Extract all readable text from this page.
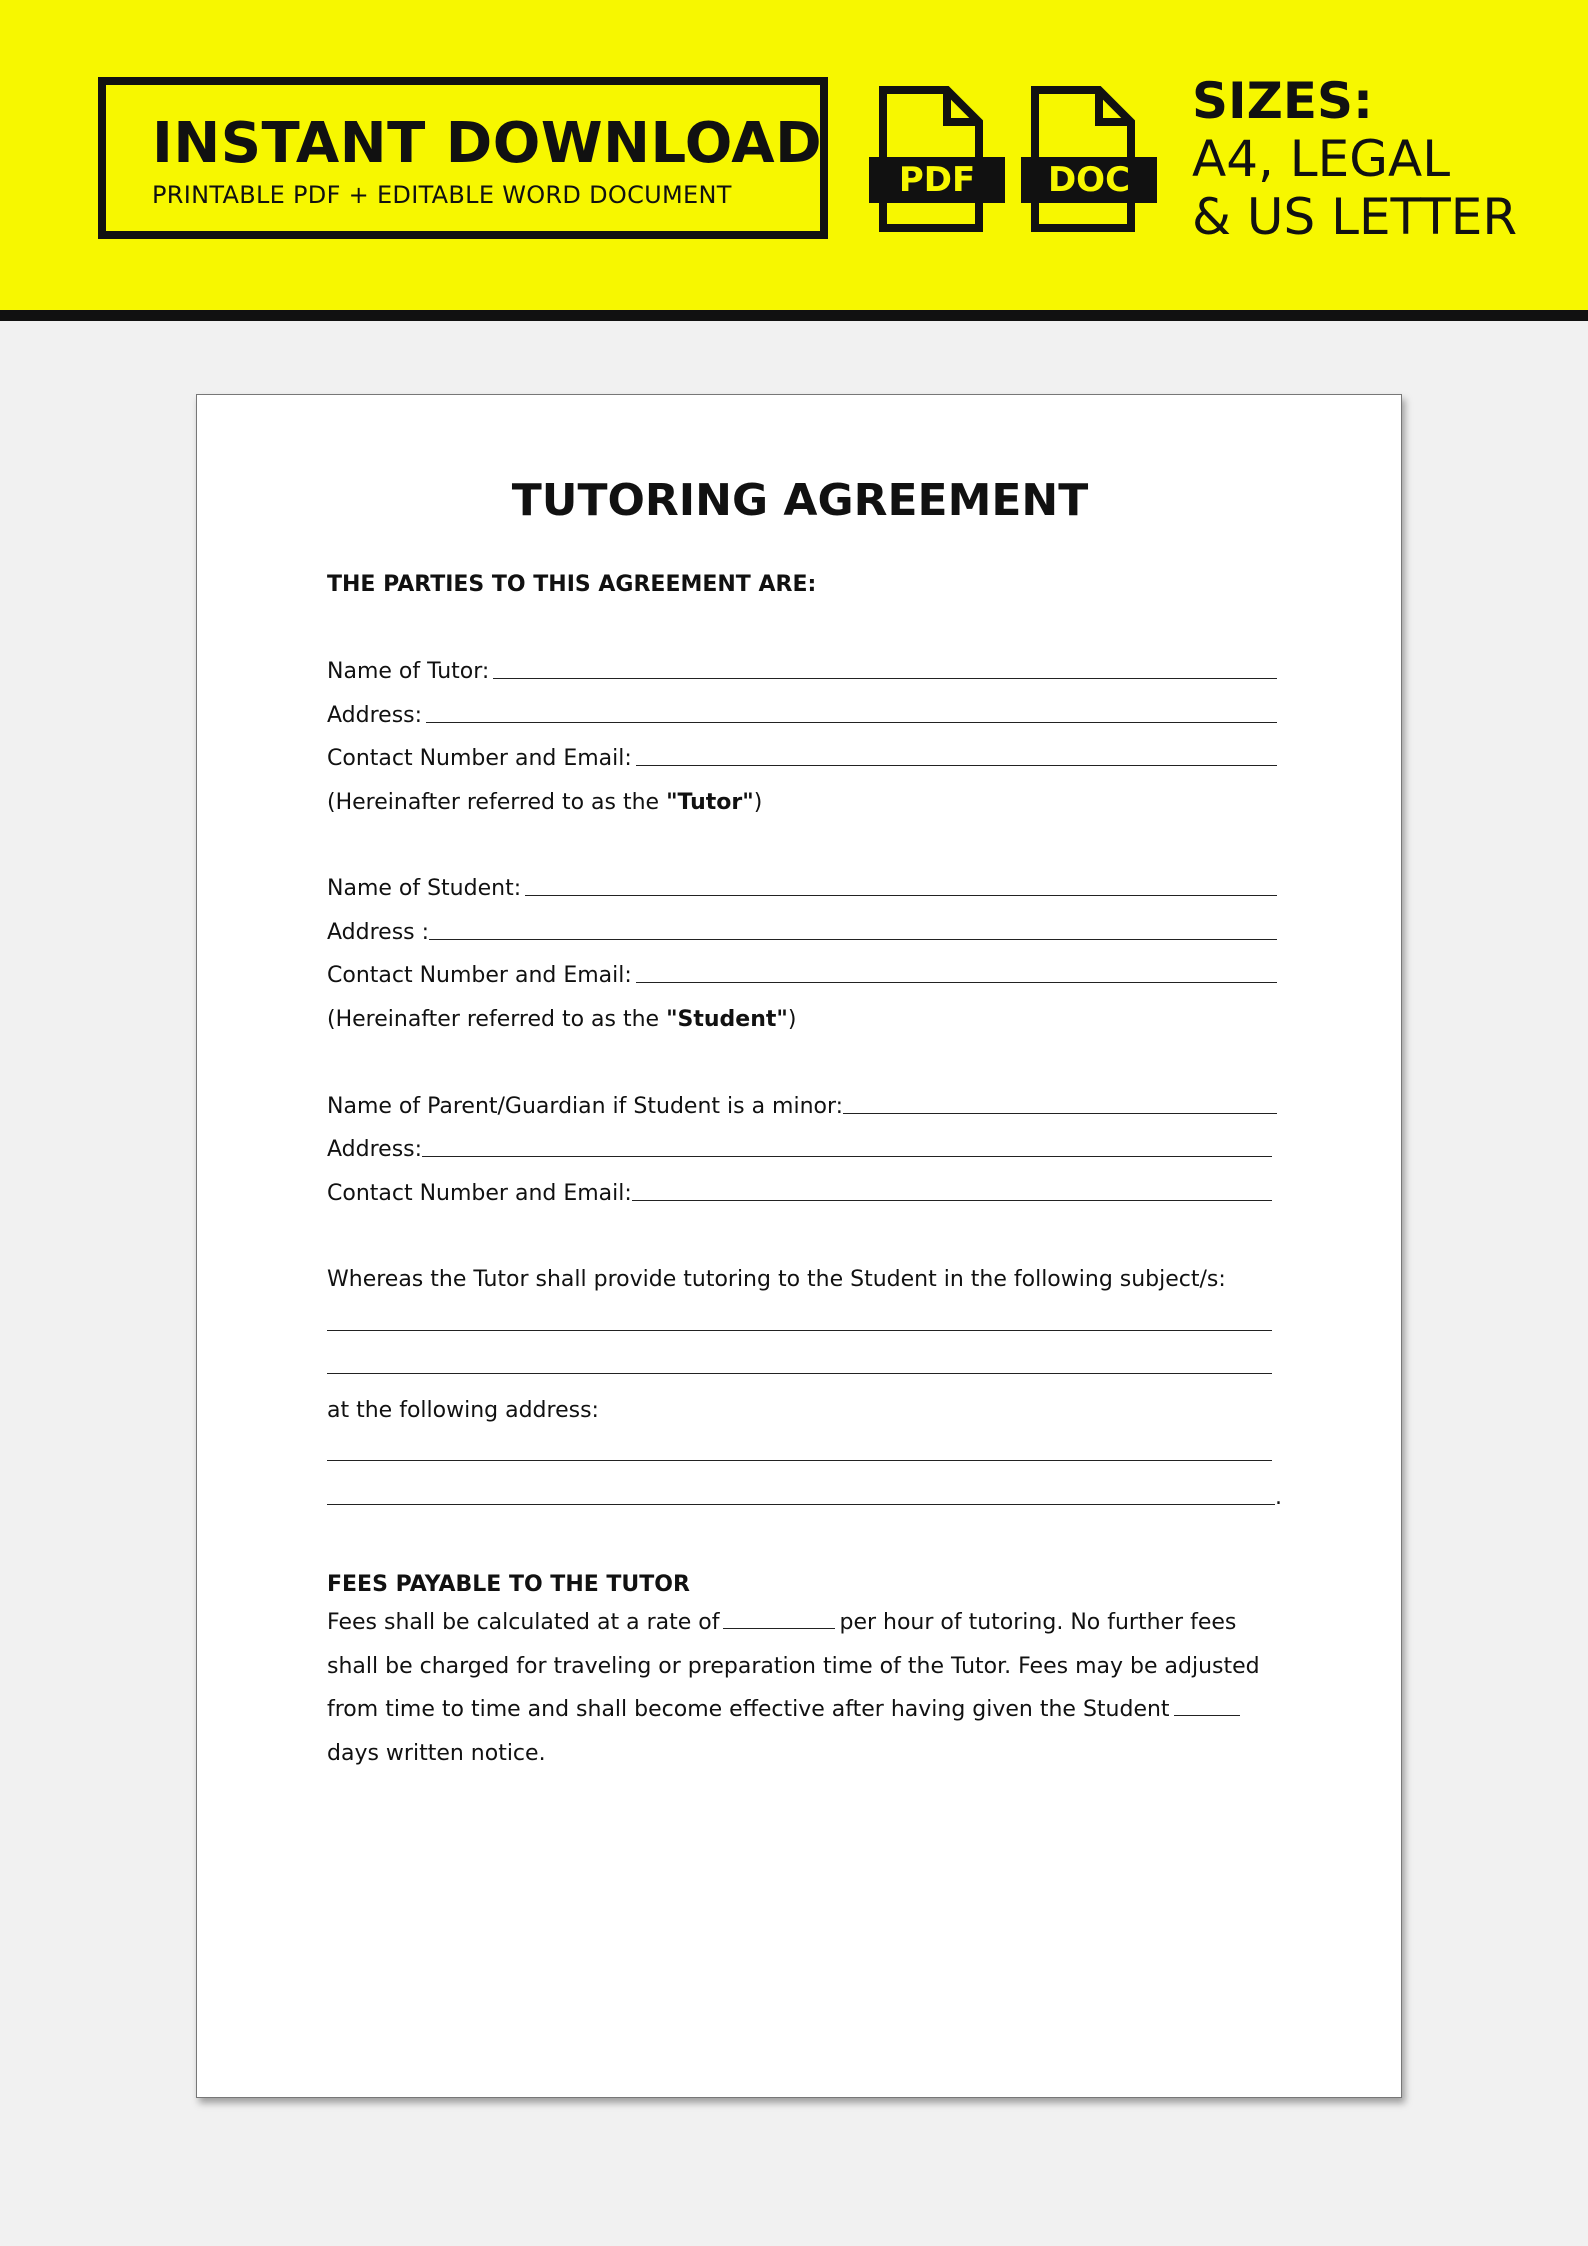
INSTANT DOWNLOAD
PRINTABLE PDF + EDITABLE WORD DOCUMENT	PDF	DOC
SIZES:
A4, LEGAL
& US LETTER
TUTORING AGREEMENT
THE PARTIES TO THIS AGREEMENT ARE:
Name of Tutor:
Address:
Contact Number and Email:
(Hereinafter referred to as the "Tutor")
Name of Student:
Address :
Contact Number and Email:
(Hereinafter referred to as the "Student")
Name of Parent/Guardian if Student is a minor:
Address:
Contact Number and Email:
Whereas the Tutor shall provide tutoring to the Student in the following subject/s:
at the following address:
.
FEES PAYABLE TO THE TUTOR
Fees shall be calculated at a rate of	per hour of tutoring. No further fees shall be charged for traveling or preparation time of the Tutor. Fees may be adjusted from time to time and shall become effective after having given the Studentdays written notice.
